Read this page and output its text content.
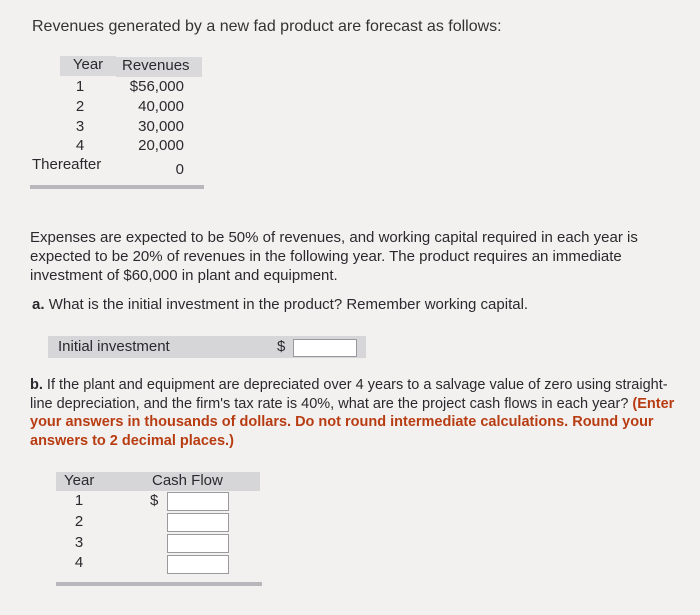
Revenues generated by a new fad product are forecast as follows:
Year	Revenues
1	$56,000
2	40,000
3	30,000
4	20,000
Thereafter	0
Expenses are expected to be 50% of revenues, and working capital required in each year is expected to be 20% of revenues in the following year. The product requires an immediate investment of $60,000 in plant and equipment.
a. What is the initial investment in the product? Remember working capital.
Initial investment	$
b. If the plant and equipment are depreciated over 4 years to a salvage value of zero using straight-line depreciation, and the firm's tax rate is 40%, what are the project cash flows in each year? (Enter your answers in thousands of dollars. Do not round intermediate calculations. Round your answers to 2 decimal places.)
Year	Cash Flow
1	$
2
3
4
